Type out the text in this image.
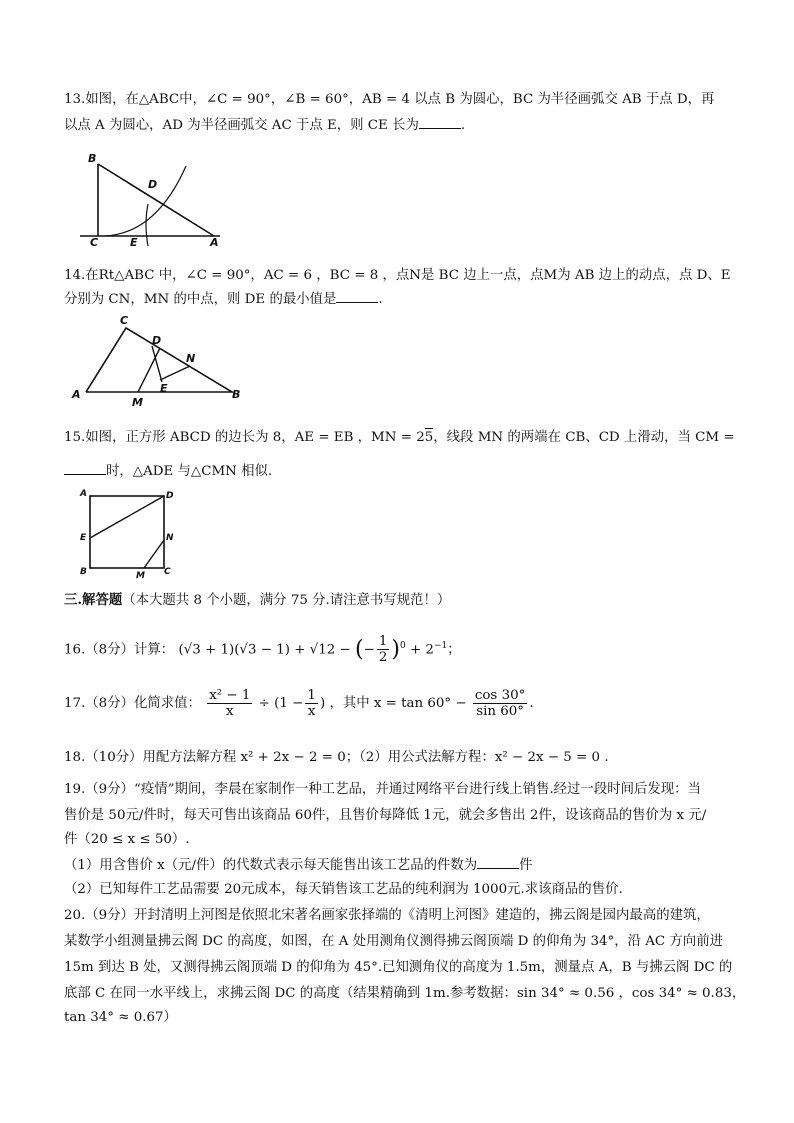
13.如图，在△ABC中，∠C = 90°，∠B = 60°，AB = 4 以点 B 为圆心，BC 为半径画弧交 AB 于点 D，再
以点 A 为圆心，AD 为半径画弧交 AC 于点 E，则 CE 长为	.
B
D
C	E	A
14.在Rt△ABC 中，∠C = 90°，AC = 6 ，BC = 8 ，点N是 BC 边上一点，点M为 AB 边上的动点，点 D、E
分别为 CN，MN 的中点，则 DE 的最小值是	.
C
D
N
E
A
M
B
15.如图，正方形 ABCD 的边长为 8，AE = EB ，MN = 25，线段 MN 的两端在 CB、CD 上滑动，当 CM =
时，△ADE 与△CMN 相似.
A	D
E	N
B	M C
三.解答题（本大题共 8 个小题，满分 75 分.请注意书写规范！）
16.（8分）计算： (√3 + 1)(√3 − 1) + √12 − (− $\frac{1}{2} )^0 + 2^{-1}$；
17.（8分）化简求值： $\frac{\text{x² − 1}}{x} \div (1 - \frac{1}{x}$ ) ，其中 $x = \tan 60^\circ - \frac{\cos 30^\circ}{\sin 60^\circ}$ .
18.（10分）用配方法解方程 x² + 2x − 2 = 0；（2）用公式法解方程：x² − 2x − 5 = 0 .
19.（9分）“疫情”期间，李晨在家制作一种工艺品，并通过网络平台进行线上销售.经过一段时间后发现：当
售价是 50元/件时，每天可售出该商品 60件，且售价每降低 1元，就会多售出 2件，设该商品的售价为 x 元/
件（20 ≤ x ≤ 50）.
（1）用含售价 x（元/件）的代数式表示每天能售出该工艺品的件数为	件
（2）已知每件工艺品需要 20元成本，每天销售该工艺品的纯利润为 1000元.求该商品的售价.
20.（9分）开封清明上河图是依照北宋著名画家张择端的《清明上河图》建造的，拂云阁是园内最高的建筑，
某数学小组测量拂云阁 DC 的高度，如图，在 A 处用测角仪测得拂云阁顶端 D 的仰角为 34°，沿 AC 方向前进
15m 到达 B 处，又测得拂云阁顶端 D 的仰角为 45°.已知测角仪的高度为 1.5m，测量点 A，B 与拂云阁 DC 的
底部 C 在同一水平线上，求拂云阁 DC 的高度（结果精确到 1m.参考数据：sin 34° ≈ 0.56 ，cos 34° ≈ 0.83，
tan 34° ≈ 0.67）
